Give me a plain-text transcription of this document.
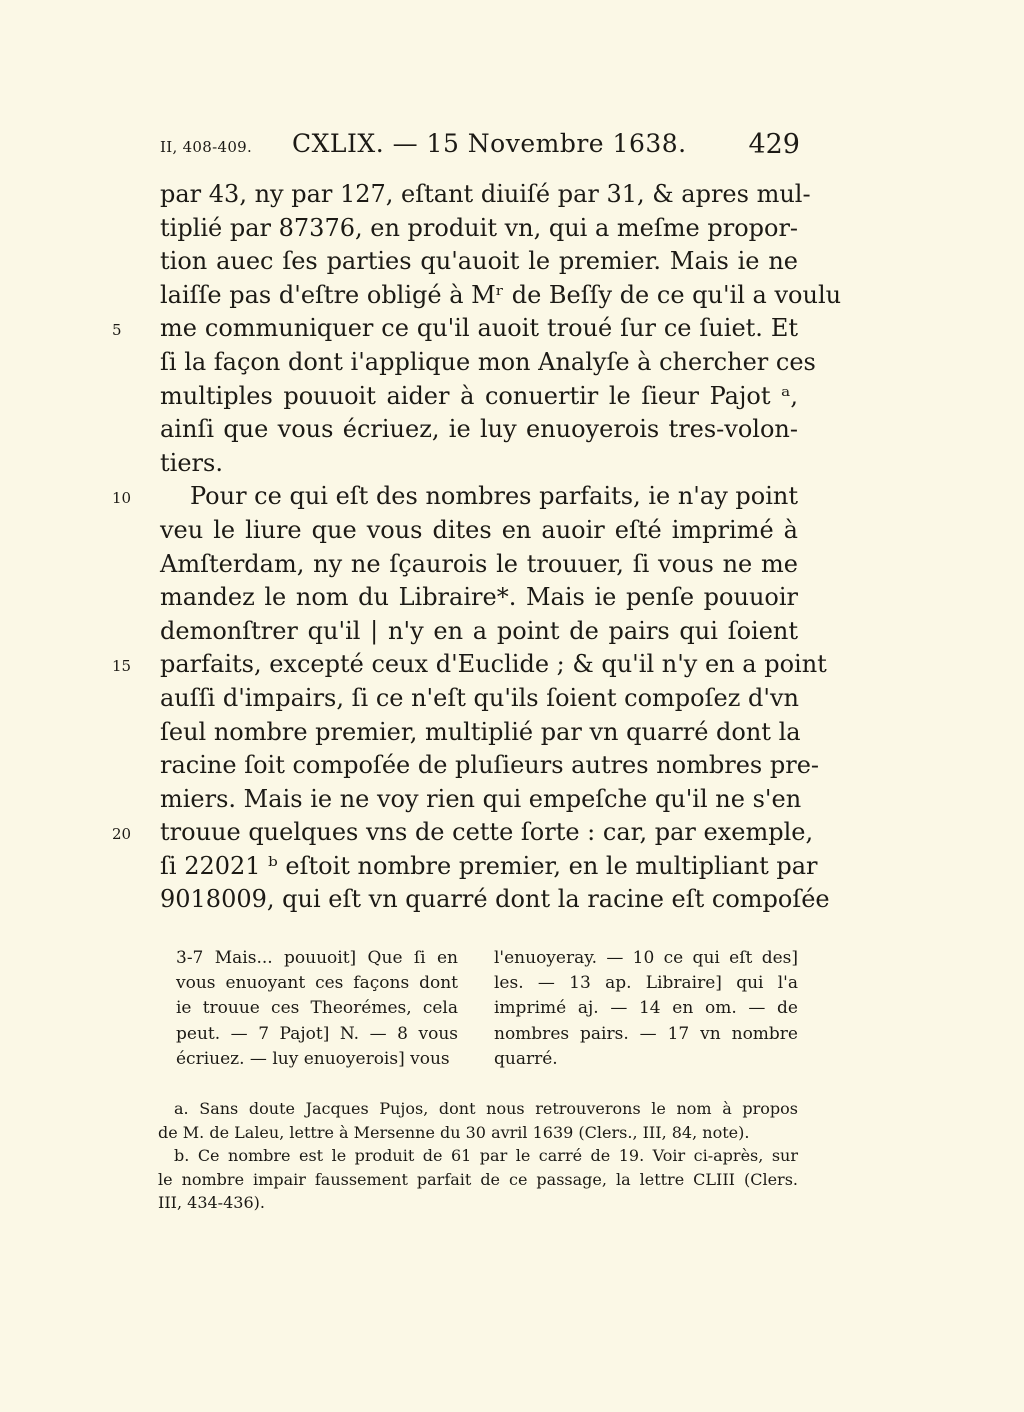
II, 408-409. CXLIX. — 15 Novembre 1638. 429
par 43, ny par 127, eſtant diuiſé par 31, & apres mul-
tiplié par 87376, en produit vn, qui a meſme propor-
tion auec ſes parties qu'auoit le premier. Mais ie ne
laiſſe pas d'eſtre obligé à Mʳ de Beſſy de ce qu'il a voulu
5	me communiquer ce qu'il auoit troué ſur ce ſuiet. Et
ſi la façon dont i'applique mon Analyſe à chercher ces
multiples pouuoit aider à conuertir le ſieur Pajot ᵃ,
ainſi que vous écriuez, ie luy enuoyerois tres-volon-
tiers.
10	Pour ce qui eſt des nombres parfaits, ie n'ay point
veu le liure que vous dites en auoir eſté imprimé à
Amſterdam, ny ne ſçaurois le trouuer, ſi vous ne me
mandez le nom du Libraire*. Mais ie penſe pouuoir
demonſtrer qu'il | n'y en a point de pairs qui ſoient
15	parfaits, excepté ceux d'Euclide ; & qu'il n'y en a point
auſſi d'impairs, ſi ce n'eſt qu'ils ſoient compoſez d'vn
ſeul nombre premier, multiplié par vn quarré dont la
racine ſoit compoſée de pluſieurs autres nombres pre-
miers. Mais ie ne voy rien qui empeſche qu'il ne s'en
20	trouue quelques vns de cette ſorte : car, par exemple,
ſi 22021 ᵇ eſtoit nombre premier, en le multipliant par
9018009, qui eſt vn quarré dont la racine eſt compoſée
3-7 Mais... pouuoit] Que ſi en
vous enuoyant ces façons dont
ie trouue ces Theorémes, cela
peut. — 7 Pajot] N. — 8 vous
écriuez. — luy enuoyerois] vous
l'enuoyeray. — 10 ce qui eſt des]
les. — 13 ap. Libraire] qui l'a
imprimé aj. — 14 en om. — de
nombres pairs. — 17 vn nombre
quarré.
a. Sans doute Jacques Pujos, dont nous retrouverons le nom à propos
de M. de Laleu, lettre à Mersenne du 30 avril 1639 (Clers., III, 84, note).
b. Ce nombre est le produit de 61 par le carré de 19. Voir ci-après, sur
le nombre impair faussement parfait de ce passage, la lettre CLIII (Clers.
III, 434-436).
